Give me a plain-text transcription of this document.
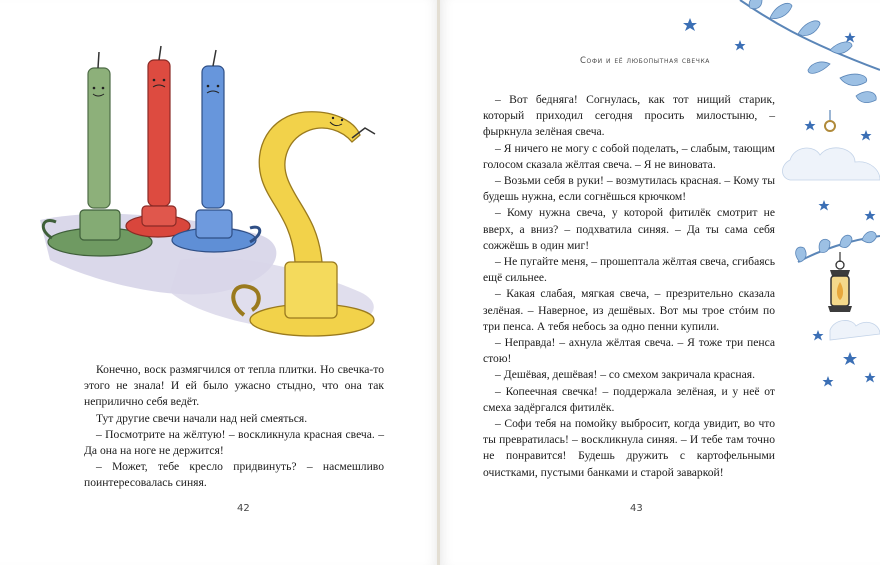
Конечно, воск размягчился от тепла плитки. Но свечка-то этого не знала! И ей было ужасно стыдно, что она так неприлично себя ведёт.

Тут другие свечи начали над ней смеяться.

– Посмотрите на жёлтую! – воскликнула красная свеча. – Да она на ноге не держится!

– Может, тебе кресло придвинуть? – насмешливо поинтересовалась синяя.

42
Софи и её любопытная свечка

– Вот бедняга! Согнулась, как тот нищий старик, который приходил сегодня просить милостыню, – фыркнула зелёная свеча.

– Я ничего не могу с собой поделать, – слабым, тающим голосом сказала жёлтая свеча. – Я не виновата.

– Возьми себя в руки! – возмутилась красная. – Кому ты будешь нужна, если согнёшься крючком!

– Кому нужна свеча, у которой фитилёк смотрит не вверх, а вниз? – подхватила синяя. – Да ты сама себя сожжёшь в один миг!

– Не пугайте меня, – прошептала жёлтая свеча, сгибаясь ещё сильнее.

– Какая слабая, мягкая свеча, – презрительно сказала зелёная. – Наверное, из дешёвых. Вот мы трое стóим по три пенса. А тебя небось за одно пенни купили.

– Неправда! – ахнула жёлтая свеча. – Я тоже три пенса стою!

– Дешёвая, дешёвая! – со смехом закричала красная.

– Копеечная свечка! – поддержала зелёная, и у неё от смеха задёргался фитилёк.

– Софи тебя на помойку выбросит, когда увидит, во что ты превратилась! – воскликнула синяя. – И тебе там точно не понравится! Будешь дружить с картофельными очистками, пустыми банками и старой заваркой!

43
